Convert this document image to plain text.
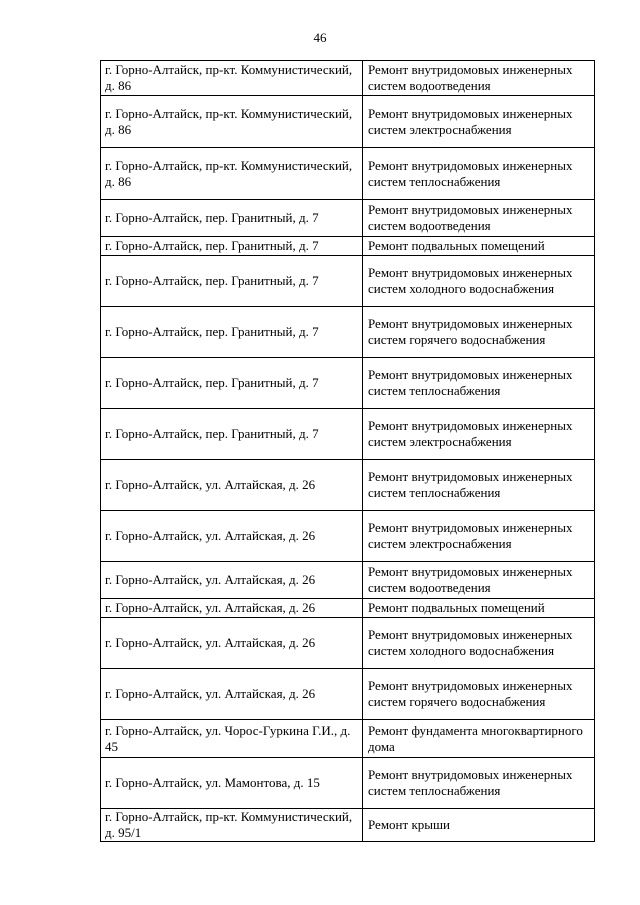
46
г. Горно-Алтайск, пр-кт. Коммунистический, д. 86	Ремонт внутридомовых инженерных систем водоотведения
г. Горно-Алтайск, пр-кт. Коммунистический, д. 86	Ремонт внутридомовых инженерных систем электроснабжения
г. Горно-Алтайск, пр-кт. Коммунистический, д. 86	Ремонт внутридомовых инженерных систем теплоснабжения
г. Горно-Алтайск, пер. Гранитный, д. 7	Ремонт внутридомовых инженерных систем водоотведения
г. Горно-Алтайск, пер. Гранитный, д. 7	Ремонт подвальных помещений
г. Горно-Алтайск, пер. Гранитный, д. 7	Ремонт внутридомовых инженерных систем холодного водоснабжения
г. Горно-Алтайск, пер. Гранитный, д. 7	Ремонт внутридомовых инженерных систем горячего водоснабжения
г. Горно-Алтайск, пер. Гранитный, д. 7	Ремонт внутридомовых инженерных систем теплоснабжения
г. Горно-Алтайск, пер. Гранитный, д. 7	Ремонт внутридомовых инженерных систем электроснабжения
г. Горно-Алтайск, ул. Алтайская, д. 26	Ремонт внутридомовых инженерных систем теплоснабжения
г. Горно-Алтайск, ул. Алтайская, д. 26	Ремонт внутридомовых инженерных систем электроснабжения
г. Горно-Алтайск, ул. Алтайская, д. 26	Ремонт внутридомовых инженерных систем водоотведения
г. Горно-Алтайск, ул. Алтайская, д. 26	Ремонт подвальных помещений
г. Горно-Алтайск, ул. Алтайская, д. 26	Ремонт внутридомовых инженерных систем холодного водоснабжения
г. Горно-Алтайск, ул. Алтайская, д. 26	Ремонт внутридомовых инженерных систем горячего водоснабжения
г. Горно-Алтайск, ул. Чорос-Гуркина Г.И., д. 45	Ремонт фундамента многоквартирного дома
г. Горно-Алтайск, ул. Мамонтова, д. 15	Ремонт внутридомовых инженерных систем теплоснабжения
г. Горно-Алтайск, пр-кт. Коммунистический, д. 95/1	Ремонт крыши
